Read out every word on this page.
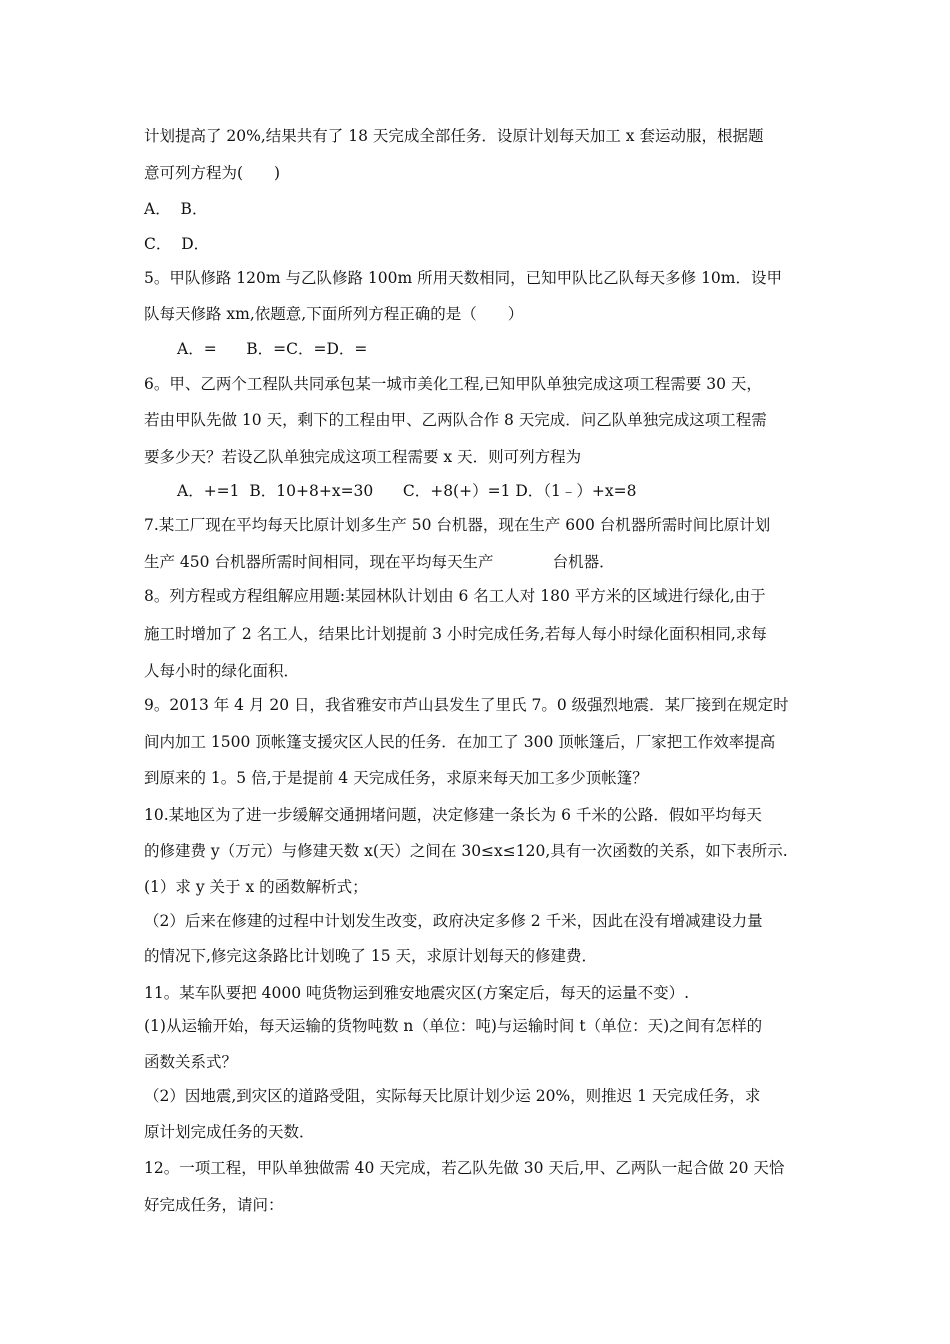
计划提高了 20%,结果共有了 18 天完成全部任务．设原计划每天加工 x 套运动服，根据题
意可列方程为(　　)
A．  B．
C．  D．
5。甲队修路 120m 与乙队修路 100m 所用天数相同，已知甲队比乙队每天多修 10m．设甲
队每天修路 xm,依题意,下面所列方程正确的是（　　）
A．=      B．=C．=D．=
6。甲、乙两个工程队共同承包某一城市美化工程,已知甲队单独完成这项工程需要 30 天，
若由甲队先做 10 天，剩下的工程由甲、乙两队合作 8 天完成．问乙队单独完成这项工程需
要多少天？若设乙队单独完成这项工程需要 x 天．则可列方程为
A．+=1  B．10+8+x=30      C．+8(+）=1 D．（1﹣）+x=8
7.某工厂现在平均每天比原计划多生产 50 台机器，现在生产 600 台机器所需时间比原计划
生产 450 台机器所需时间相同，现在平均每天生产            台机器．
8。列方程或方程组解应用题:某园林队计划由 6 名工人对 180 平方米的区域进行绿化,由于
施工时增加了 2 名工人，结果比计划提前 3 小时完成任务,若每人每小时绿化面积相同,求每
人每小时的绿化面积．
9。2013 年 4 月 20 日，我省雅安市芦山县发生了里氏 7。0 级强烈地震．某厂接到在规定时
间内加工 1500 顶帐篷支援灾区人民的任务．在加工了 300 顶帐篷后，厂家把工作效率提高
到原来的 1。5 倍,于是提前 4 天完成任务，求原来每天加工多少顶帐篷？
10.某地区为了进一步缓解交通拥堵问题，决定修建一条长为 6 千米的公路．假如平均每天
的修建费 y（万元）与修建天数 x(天）之间在 30≤x≤120,具有一次函数的关系，如下表所示.
(1）求 y 关于 x 的函数解析式；
（2）后来在修建的过程中计划发生改变，政府决定多修 2 千米，因此在没有增减建设力量
的情况下,修完这条路比计划晚了 15 天，求原计划每天的修建费．
11。某车队要把 4000 吨货物运到雅安地震灾区(方案定后，每天的运量不变）.
(1)从运输开始，每天运输的货物吨数 n（单位：吨)与运输时间 t（单位：天)之间有怎样的
函数关系式？
（2）因地震,到灾区的道路受阻，实际每天比原计划少运 20%，则推迟 1 天完成任务，求
原计划完成任务的天数．
12。一项工程，甲队单独做需 40 天完成，若乙队先做 30 天后,甲、乙两队一起合做 20 天恰
好完成任务，请问：
